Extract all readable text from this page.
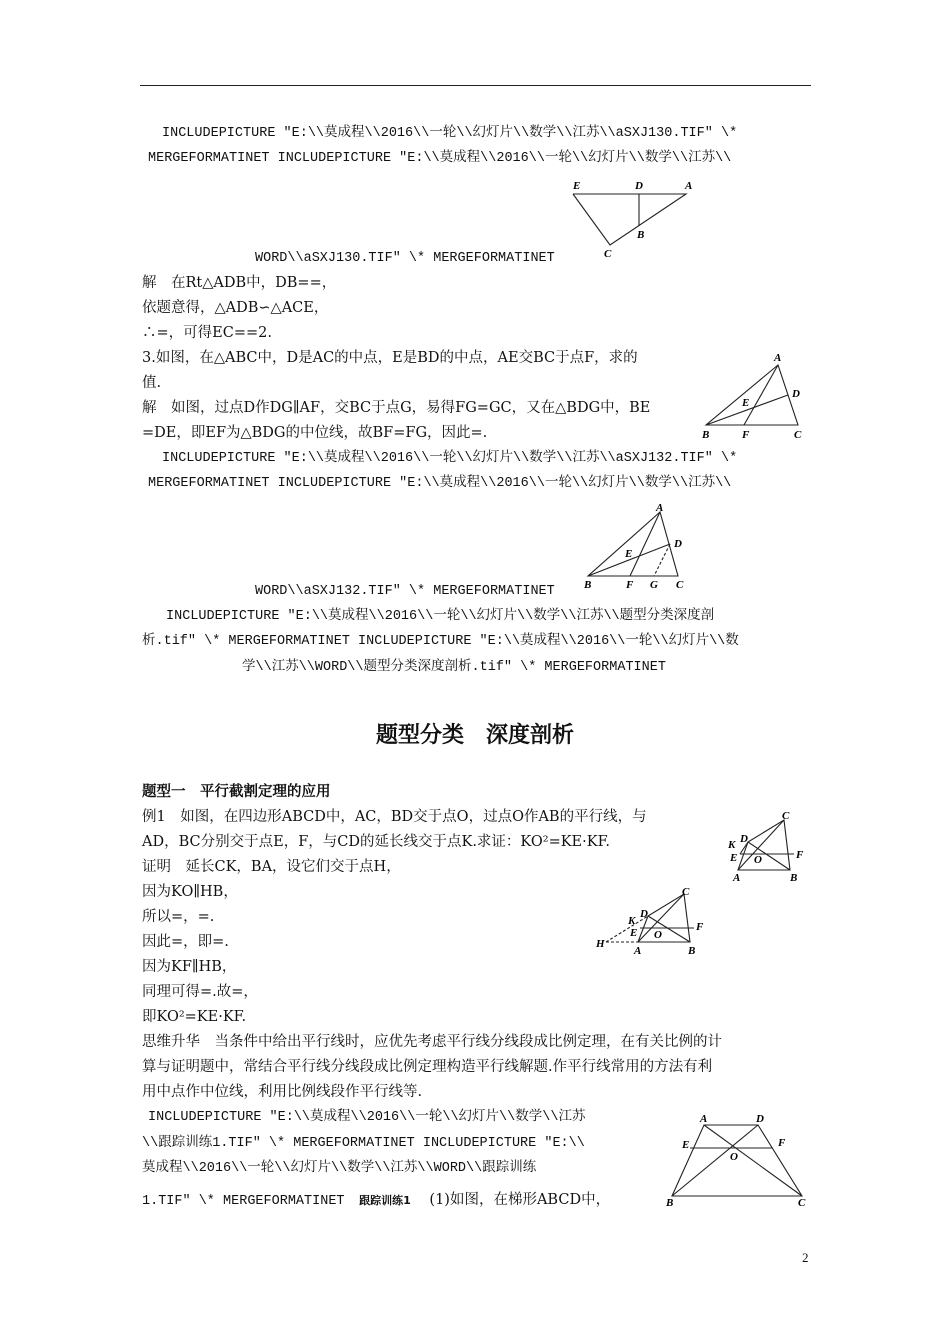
INCLUDEPICTURE "E:\\莫成程\\2016\\一轮\\幻灯片\\数学\\江苏\\aSXJ130.TIF" \*
MERGEFORMATINET INCLUDEPICTURE "E:\\莫成程\\2016\\一轮\\幻灯片\\数学\\江苏\\
E	D	A
B
C
WORD\\aSXJ130.TIF" \* MERGEFORMATINET
解　在Rt△ADB中，DB==，
依题意得，△ADB∽△ACE，
∴=，可得EC==2.
3.如图，在△ABC中，D是AC的中点，E是BD的中点，AE交BC于点F，求的
值.
A
D
E
B	F	C
解　如图，过点D作DG∥AF，交BC于点G，易得FG=GC，又在△BDG中，BE
=DE，即EF为△BDG的中位线，故BF=FG，因此=.
INCLUDEPICTURE "E:\\莫成程\\2016\\一轮\\幻灯片\\数学\\江苏\\aSXJ132.TIF" \*
MERGEFORMATINET INCLUDEPICTURE "E:\\莫成程\\2016\\一轮\\幻灯片\\数学\\江苏\\
A
D
E
B	F G C
WORD\\aSXJ132.TIF" \* MERGEFORMATINET
INCLUDEPICTURE "E:\\莫成程\\2016\\一轮\\幻灯片\\数学\\江苏\\题型分类深度剖
析.tif" \* MERGEFORMATINET INCLUDEPICTURE "E:\\莫成程\\2016\\一轮\\幻灯片\\数
学\\江苏\\WORD\\题型分类深度剖析.tif" \* MERGEFORMATINET
题型分类　深度剖析
题型一　平行截割定理的应用
例1　如图，在四边形ABCD中，AC，BD交于点O，过点O作AB的平行线，与
AD，BC分别交于点E，F，与CD的延长线交于点K.求证：KO²=KE·KF.
C
K D
E O	F
A	B
证明　延长CK，BA，设它们交于点H，
因为KO∥HB，
所以=，=.
因此=，即=.
C
K
D
E O
F
H
A	B
因为KF∥HB，
同理可得=.故=，
即KO²=KE·KF.
思维升华　当条件中给出平行线时，应优先考虑平行线分线段成比例定理，在有关比例的计
算与证明题中，常结合平行线分线段成比例定理构造平行线解题.作平行线常用的方法有利
用中点作中位线，利用比例线段作平行线等.
INCLUDEPICTURE "E:\\莫成程\\2016\\一轮\\幻灯片\\数学\\江苏
\\跟踪训练1.TIF" \* MERGEFORMATINET INCLUDEPICTURE "E:\\
莫成程\\2016\\一轮\\幻灯片\\数学\\江苏\\WORD\\跟踪训练
1.TIF" \* MERGEFORMATINET 跟踪训练1 (1)如图，在梯形ABCD中，
A	D
E	F
O
B	C
2
